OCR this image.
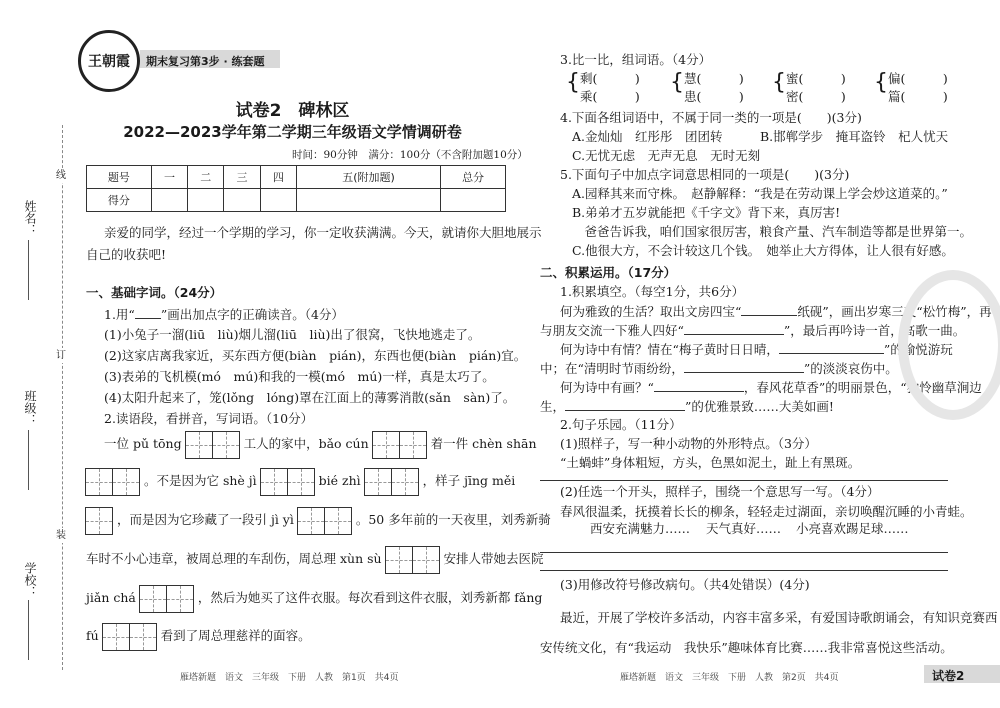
线
订
装
姓名：
班级：
学校：
王朝霞	期末复习第3步 · 练套题
试卷2　碑林区
2022—2023学年第二学期三年级语文学情调研卷
时间：90分钟　满分：100分（不含附加题10分）
题号	一	二	三	四	五(附加题)	总分
得分						
亲爱的同学，经过一个学期的学习，你一定收获满满。今天，就请你大胆地展示
自己的收获吧!
一、基础字词。（24分）
1.用“ ”画出加点字的正确读音。（4分）
(1)小兔子一溜(liū　liù)烟儿溜(liū　liù)出了很窝，飞快地逃走了。
(2)这家店离我家近，买东西方便(biàn　pián)，东西也便(biàn　pián)宜。
(3)表弟的飞机模(mó　mú)和我的一模(mó　mú)一样，真是太巧了。
(4)太阳升起来了，笼(lǒng　lóng)罩在江面上的薄雾消散(sǎn　sàn)了。
2.读语段，看拼音，写词语。（10分）
一位 pǔ tōng	工人的家中，bǎo cún	着一件 chèn shān
。不是因为它 shè jì	bié zhì	，样子 jīng měi
，而是因为它珍藏了一段引 jì yì	。50 多年前的一天夜里，刘秀新骑
车时不小心违章，被周总理的车刮伤，周总理 xùn sù	安排人带她去医院
jiǎn chá	，然后为她买了这件衣服。每次看到这件衣服，刘秀新都 fǎng
fú	看到了周总理慈祥的面容。
雁塔新题　语文　三年级　下册　人教　第1页　共4页
3.比一比，组词语。（4分）
{ 剩(　　　)
乘(　　　)
{ 慧(　　　)
患(　　　)
{ 蜜(　　　)
密(　　　)
{ 偏(　　　)
篇(　　　)
4.下面各组词语中，不属于同一类的一项是(　　)(3分)
A.金灿灿　红彤彤　团团转	B.邯郸学步　掩耳盗铃　杞人忧天
C.无忧无虑　无声无息　无时无刻
5.下面句子中加点字词意思相同的一项是(　　)(3分)
A.园释其来而守株。　赵静解释：“我是在劳动课上学会炒这道菜的。”
B.弟弟才五岁就能把《千字文》背下来，真厉害!
　爸爸告诉我，咱们国家很厉害，粮食产量、汽车制造等都是世界第一。
C.他很大方，不会计较这几个钱。　她举止大方得体，让人很有好感。
二、积累运用。（17分）
1.积累填空。（每空1分，共6分）
何为雅致的生活？取出文房四宝“	纸砚”，画出岁寒三友“松竹梅”，再
与朋友交流一下雅人四好“	”，最后再吟诗一首，高歌一曲。
何为诗中有情？情在“梅子黄时日日晴，	”的愉悦游玩
中；在“清明时节雨纷纷，	”的淡淡哀伤中。
何为诗中有画？“	，春风花草香”的明丽景色，“独怜幽草涧边
生，	”的优雅景致……大美如画!
2.句子乐园。（11分）
(1)照样子，写一种小动物的外形特点。（3分）
“土蝸蚌”身体粗短，方头，色黑如泥土，趾上有黑斑。
(2)任选一个开头，照样子，围绕一个意思写一写。（4分）
春风很温柔，抚摸着长长的柳条，轻轻走过湖面，亲切唤醒沉睡的小青蛙。
西安充满魅力…… 天气真好…… 小亮喜欢踢足球……
(3)用修改符号修改病句。（共4处错误）(4分)
最近，开展了学校许多活动，内容丰富多采，有爱国诗歌朗诵会，有知识竞赛西
安传统文化，有“我运动　我快乐”趣味体育比赛……我非常喜悦这些活动。
雁塔新题　语文　三年级　下册　人教　第2页　共4页	试卷2
